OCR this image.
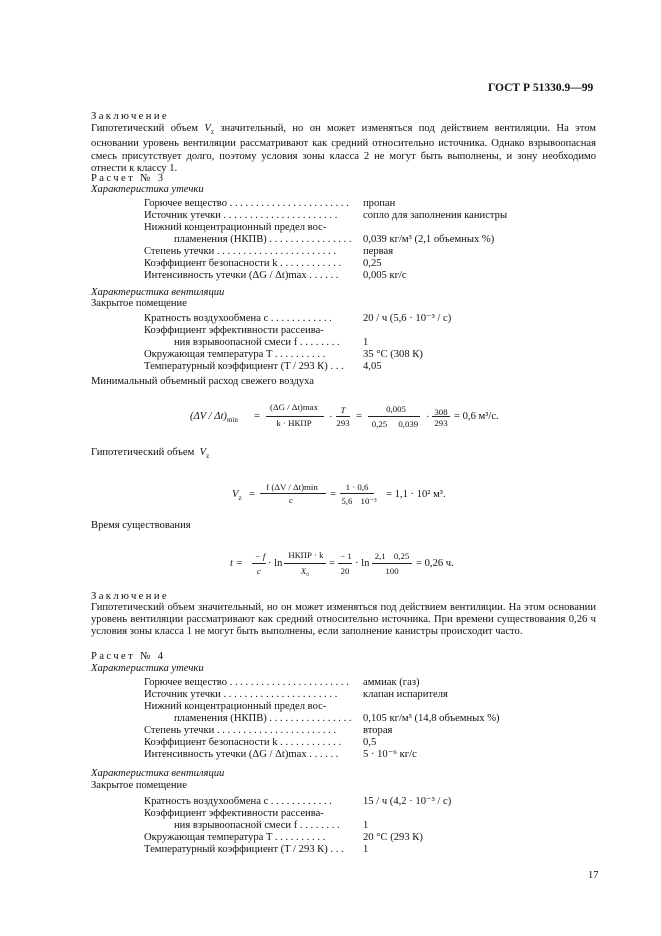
ГОСТ Р 51330.9—99
Заключение
Гипотетический объем $V_z$ значительный, но он может изменяться под действием вентиляции. На этом основании уровень вентиляции рассматривают как средний относительно источника. Однако взрывоопасная смесь присутствует долго, поэтому условия зоны класса 2 не могут быть выполнены, и зону необходимо отнести к классу 1.
Расчет № 3
Характеристика утечки
Горючее вещество . . . . . . . . . . . . . . . . . . . . . . .	пропан
Источник утечки . . . . . . . . . . . . . . . . . . . . . .	сопло для заполнения канистры
Нижний концентрационный предел вос-
пламенения (НКПВ) . . . . . . . . . . . . . . . . 0,039 кг/м³ (2,1 объемных %)
Степень утечки . . . . . . . . . . . . . . . . . . . . . . .	первая
Коэффициент безопасности k . . . . . . . . . . . .	0,25
Интенсивность утечки (ΔG / Δt)max . . . . . .	0,005 кг/с
Характеристика вентиляции
Закрытое помещение
Кратность воздухообмена c . . . . . . . . . . . .	20 / ч (5,6 · 10⁻³ / с)
Коэффициент эффективности рассеива-
ния взрывоопасной смеси f . . . . . . . .	1
Окружающая температура T . . . . . . . . . .	35 °С (308 К)
Температурный коэффициент (T / 293 К) . . .	4,05
Минимальный объемный расход свежего воздуха
$(\Delta V / \Delta t)_{min}$ =
(ΔG / Δt)max
k · НКПР	·
T
293
=
0,005
0,25 0,039
· 308
293
= 0,6 м³/с.
Гипотетический объем $V_z$
$V_z$ =
f (ΔV / Δt)min
c	=
1 · 0,6
5,6 10⁻³
= 1,1 · 10² м³.
Время существования
t =
− f
c
· ln
НКПР · k
X₀
=
− 1
20
· ln
2,1 0,25
100
= 0,26 ч.
Заключение
Гипотетический объем значительный, но он может изменяться под действием вентиляции. На этом основании уровень вентиляции рассматривают как средний относительно источника. При времени существования 0,26 ч условия зоны класса 1 не могут быть выполнены, если заполнение канистры происходит часто.
Расчет № 4
Характеристика утечки
Горючее вещество . . . . . . . . . . . . . . . . . . . . . . .	аммиак (газ)
Источник утечки . . . . . . . . . . . . . . . . . . . . . .	клапан испарителя
Нижний концентрационный предел вос-
пламенения (НКПВ) . . . . . . . . . . . . . . . . 0,105 кг/м³ (14,8 объемных %)
Степень утечки . . . . . . . . . . . . . . . . . . . . . . .	вторая
Коэффициент безопасности k . . . . . . . . . . . .	0,5
Интенсивность утечки (ΔG / Δt)max . . . . . .	5 · 10⁻⁶ кг/с
Характеристика вентиляции
Закрытое помещение
Кратность воздухообмена c . . . . . . . . . . . .	15 / ч (4,2 · 10⁻³ / с)
Коэффициент эффективности рассеива-
ния взрывоопасной смеси f . . . . . . . .	1
Окружающая температура T . . . . . . . . . .	20 °С (293 К)
Температурный коэффициент (T / 293 К) . . .	1
17
